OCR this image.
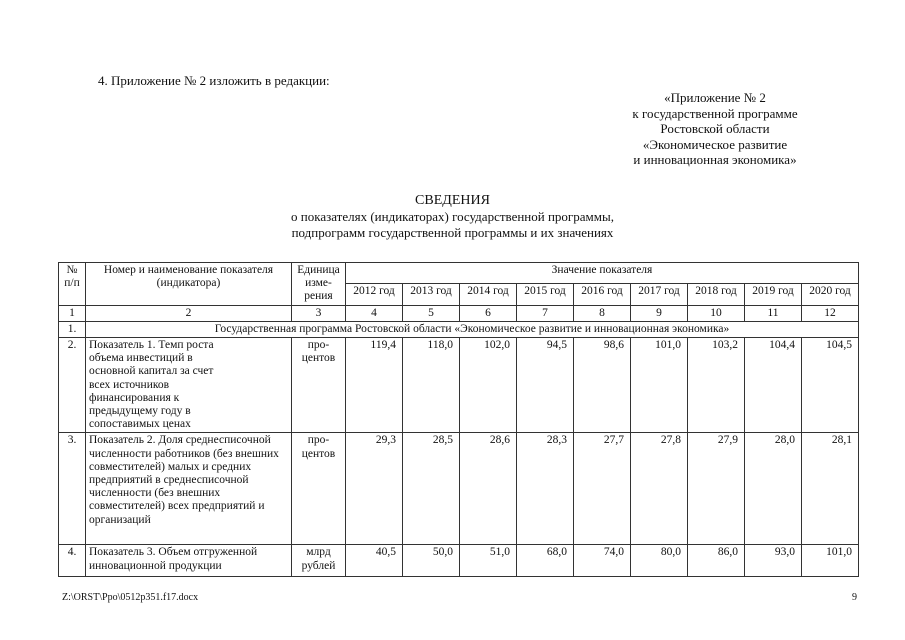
4. Приложение № 2 изложить в редакции:
«Приложение № 2
к государственной программе
Ростовской области
«Экономическое развитие
и инновационная экономика»
СВЕДЕНИЯ
о показателях (индикаторах) государственной программы,
подпрограмм государственной программы и их значениях
№ п/п	Номер и наименование показателя (индикатора)	Единица измерения	Значение показателя								
			2012 год	2013 год	2014 год	2015 год	2016 год	2017 год	2018 год	2019 год	2020 год
1	2	3	4	5	6	7	8	9	10	11	12
1.	Государственная программа Ростовской области «Экономическое развитие и инновационная экономика»										
2.	Показатель 1. Темп роста объема инвестиций в основной капитал за счет всех источников финансирования к предыдущему году в сопоставимых ценах	процентов	119,4	118,0	102,0	94,5	98,6	101,0	103,2	104,4	104,5
3.	Показатель 2. Доля среднесписочной численности работников (без внешних совместителей) малых и средних предприятий в среднесписочной численности (без внешних совместителей) всех предприятий и организаций	процентов	29,3	28,5	28,6	28,3	27,7	27,8	27,9	28,0	28,1
4.	Показатель 3. Объем отгруженной инновационной продукции	млрд рублей	40,5	50,0	51,0	68,0	74,0	80,0	86,0	93,0	101,0
Z:\ORST\Ppo\0512p351.f17.docx	9
